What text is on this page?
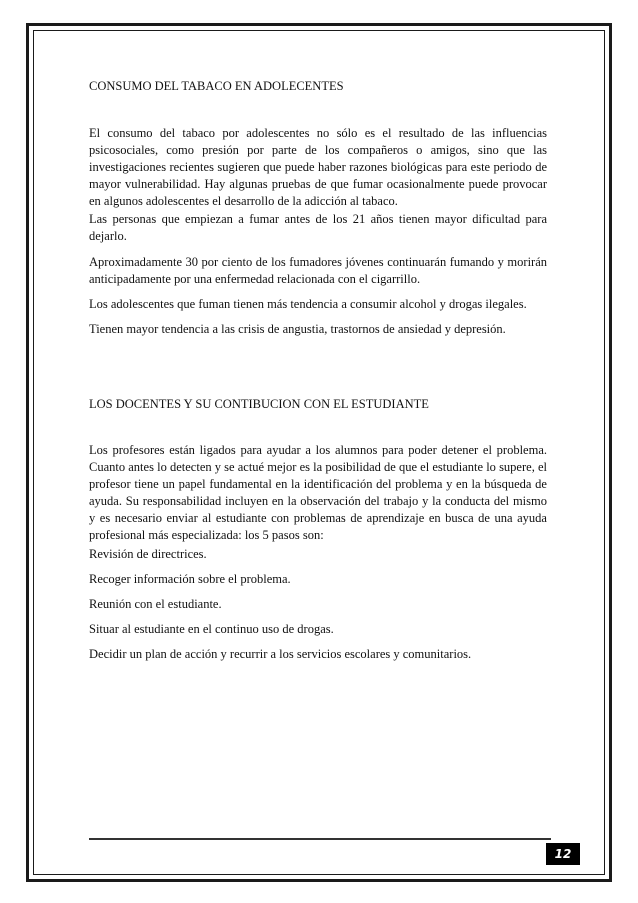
CONSUMO DEL TABACO EN ADOLECENTES

El consumo del tabaco por adolescentes no sólo es el resultado de las influencias psicosociales, como presión por parte de los compañeros o amigos, sino que las investigaciones recientes sugieren que puede haber razones biológicas para este periodo de mayor vulnerabilidad. Hay algunas pruebas de que fumar ocasionalmente puede provocar en algunos adolescentes el desarrollo de la adicción al tabaco.

Las personas que empiezan a fumar antes de los 21 años tienen mayor dificultad para dejarlo.

Aproximadamente 30 por ciento de los fumadores jóvenes continuarán fumando y morirán anticipadamente por una enfermedad relacionada con el cigarrillo.

Los adolescentes que fuman tienen más tendencia a consumir alcohol y drogas ilegales.

Tienen mayor tendencia a las crisis de angustia, trastornos de ansiedad y depresión.

LOS DOCENTES Y SU CONTIBUCION CON EL ESTUDIANTE

Los profesores están ligados para ayudar a los alumnos para poder detener el problema. Cuanto antes lo detecten y se actué mejor es la posibilidad de que el estudiante lo supere, el profesor tiene un papel fundamental en la identificación del problema y en la búsqueda de ayuda. Su responsabilidad incluyen en la observación del trabajo y la conducta del mismo y es necesario enviar al estudiante con problemas de aprendizaje en busca de una ayuda profesional más especializada: los 5 pasos son:

Revisión de directrices.

Recoger información sobre el problema.

Reunión con el estudiante.

Situar al estudiante en el continuo uso de drogas.

Decidir un plan de acción y recurrir a los servicios escolares y comunitarios.

12
